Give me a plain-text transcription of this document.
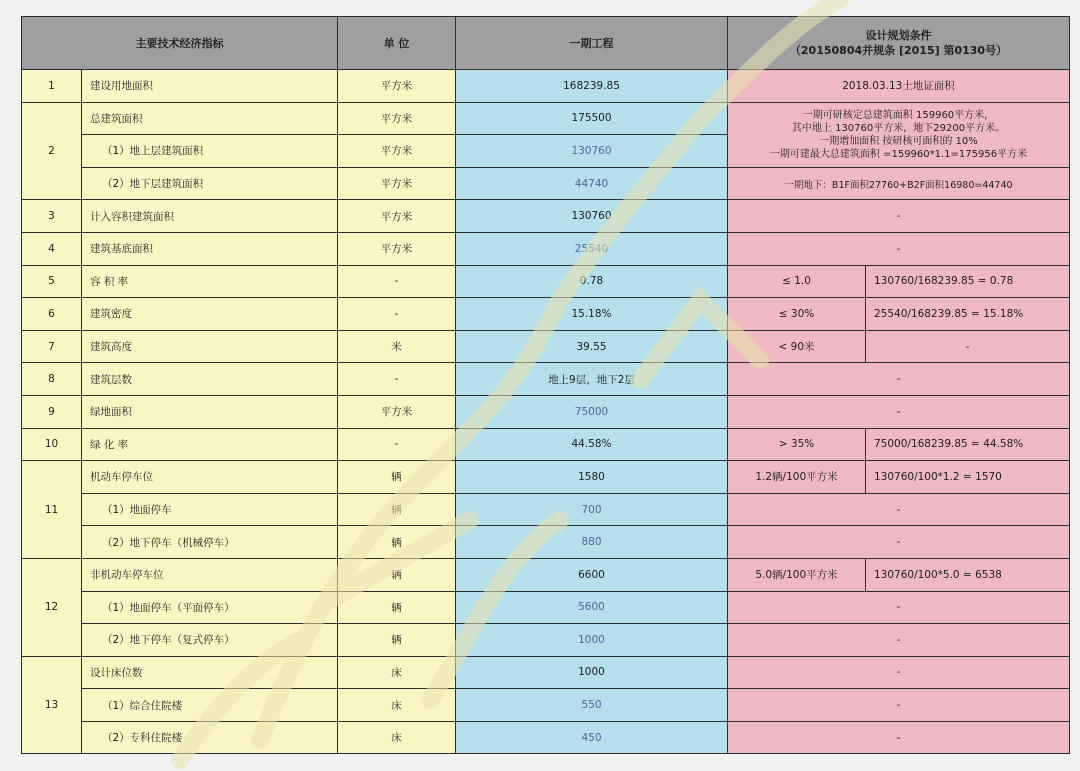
主要技术经济指标		单 位	一期工程	设计规划条件
（20150804并规条 [2015] 第0130号）	

1	建设用地面积	平方米	168239.85	2018.03.13土地证面积	
2	总建筑面积	平方米	175500	一期可研核定总建筑面积 159960平方米，
其中地上 130760平方米，地下29200平方米。
一期增加面积 按研核可面积的 10%
一期可建最大总建筑面积 =159960*1.1=175956平方米	

	（1）地上层建筑面积	平方米	130760		
	（2）地下层建筑面积	平方米	44740	一期地下：B1F面积27760+B2F面积16980=44740	
3	计入容积建筑面积	平方米	130760	-	
4	建筑基底面积	平方米	25540	-	
5	容 积 率	-	0.78	≤ 1.0	130760/168239.85 = 0.78
6	建筑密度	-	15.18%	≤ 30%	25540/168239.85 = 15.18%
7	建筑高度	米	39.55	< 90米	-
8	建筑层数	-	地上9层，地下2层	-	
9	绿地面积	平方米	75000	-	
10	绿 化 率	-	44.58%	> 35%	75000/168239.85 = 44.58%
11	机动车停车位	辆	1580	1.2辆/100平方米	130760/100*1.2 = 1570
	（1）地面停车	辆	700	-	
	（2）地下停车（机械停车）	辆	880	-	
12	非机动车停车位	辆	6600	5.0辆/100平方米	130760/100*5.0 = 6538
	（1）地面停车（平面停车）	辆	5600	-	
	（2）地下停车（复式停车）	辆	1000	-	
13	设计床位数	床	1000	-	
	（1）综合住院楼	床	550	-	
	（2）专科住院楼	床	450	-	
